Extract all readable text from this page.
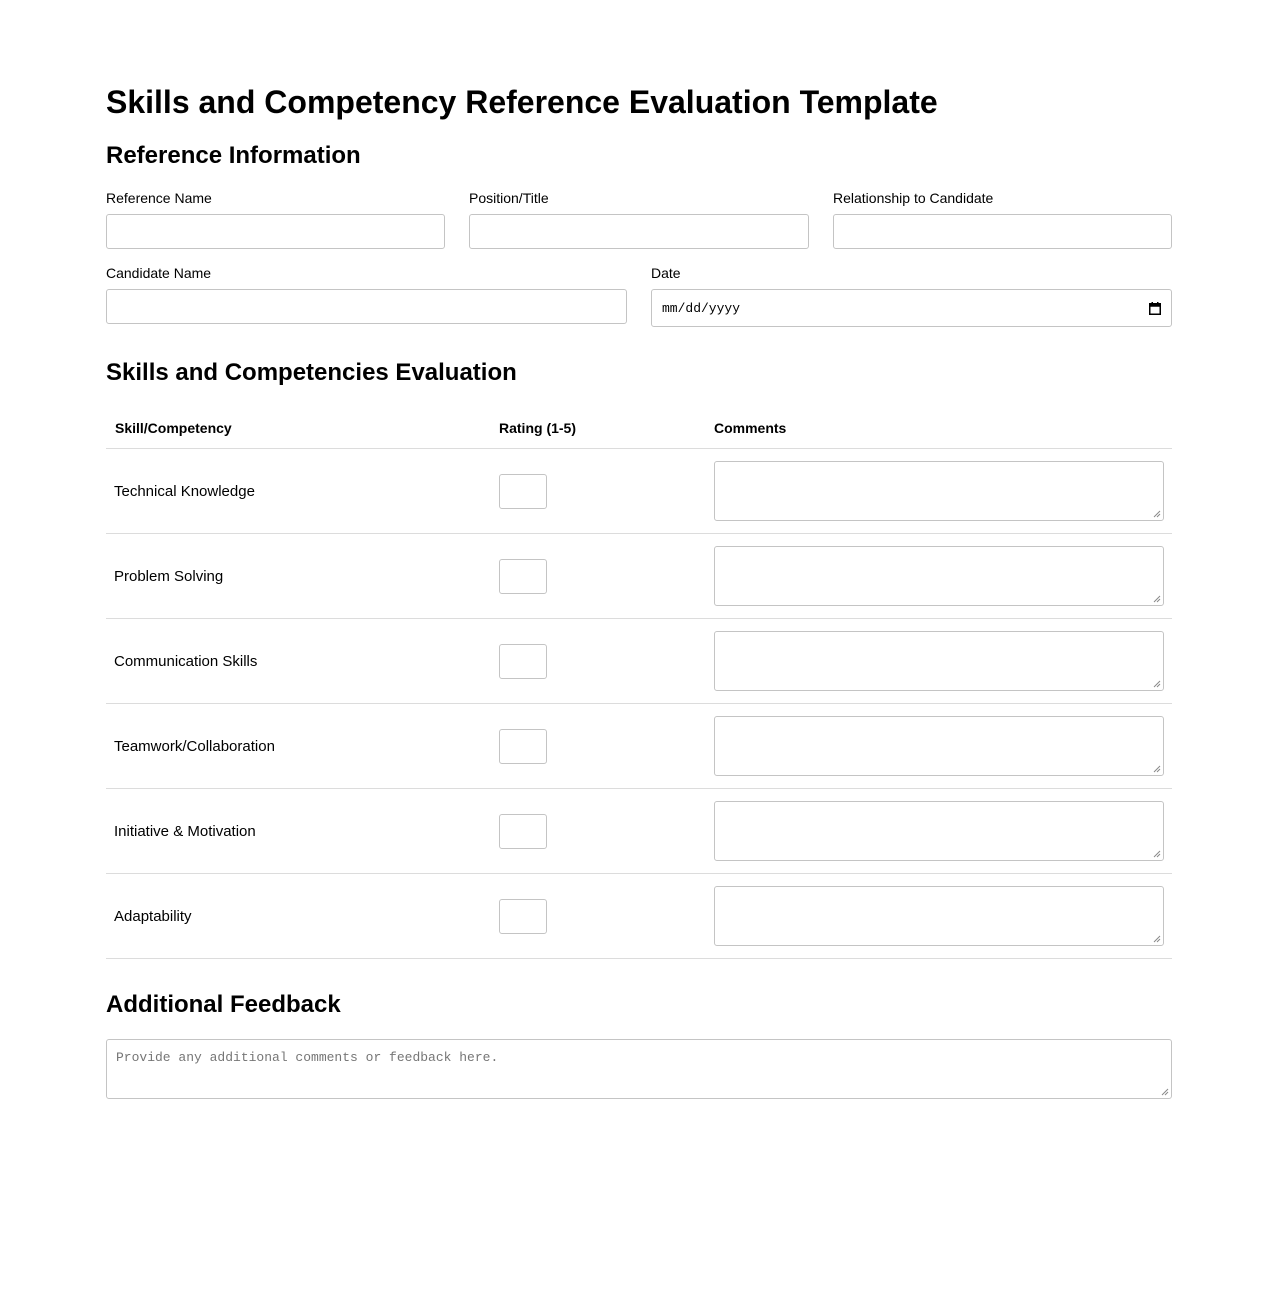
Skills and Competency Reference Evaluation Template
Reference Information
Reference Name	Position/Title	Relationship to Candidate
Candidate Name	Date
mm/dd/yyyy
Skills and Competencies Evaluation
Skill/Competency	Rating (1-5)	Comments
Technical Knowledge
Problem Solving
Communication Skills
Teamwork/Collaboration
Initiative & Motivation
Adaptability
Additional Feedback
Provide any additional comments or feedback here.
